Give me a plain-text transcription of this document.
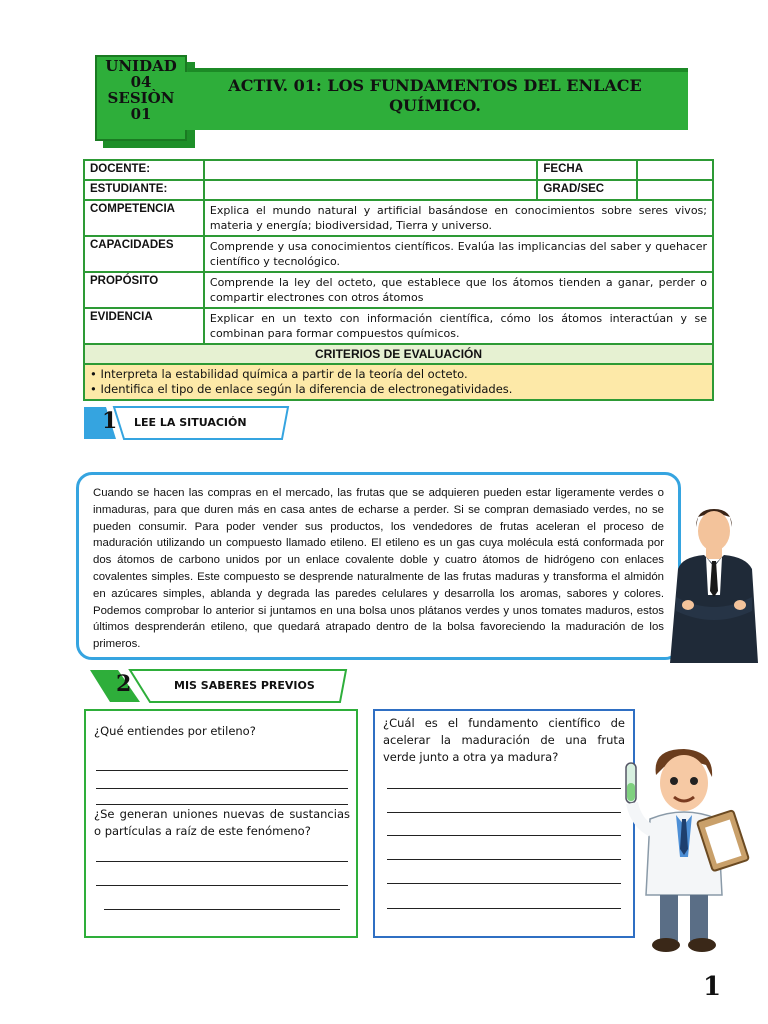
UNIDAD
04
SESIÒN
01
ACTIV. 01: LOS FUNDAMENTOS DEL ENLACE
QUÍMICO.
DOCENTE:		FECHA	
ESTUDIANTE:		GRAD/SEC	
COMPETENCIA	Explica el mundo natural y artificial basándose en conocimientos sobre seres vivos; materia y energía; biodiversidad, Tierra y universo.		
CAPACIDADES	Comprende y usa conocimientos científicos. Evalúa las implicancias del saber y quehacer científico y tecnológico.		
PROPÓSITO	Comprende la ley del octeto, que establece que los átomos tienden a ganar, perder o compartir electrones con otros átomos		
EVIDENCIA	Explicar en un texto con información científica, cómo los átomos interactúan y se combinan para formar compuestos químicos.		
CRITERIOS DE EVALUACIÓN			

• Interpreta la estabilidad química a partir de la teoría del octeto.
• Identifica el tipo de enlace según la diferencia de electronegatividades.			
1 LEE LA SITUACIÓN
Cuando se hacen las compras en el mercado, las frutas que se adquieren pueden estar ligeramente verdes o inmaduras, para que duren más en casa antes de echarse a perder. Si se compran demasiado verdes, no se pueden consumir. Para poder vender sus productos, los vendedores de frutas aceleran el proceso de maduración utilizando un compuesto llamado etileno. El etileno es un gas cuya molécula está conformada por dos átomos de carbono unidos por un enlace covalente doble y cuatro átomos de hidrógeno con enlaces covalentes simples. Este compuesto se desprende naturalmente de las frutas maduras y transforma el almidón en azúcares simples, ablanda y degrada las paredes celulares y desarrolla los aromas, sabores y colores. Podemos comprobar lo anterior si juntamos en una bolsa unos plátanos verdes y unos tomates maduros, estos últimos desprenderán etileno, que quedará atrapado dentro de la bolsa favoreciendo la maduración de los primeros.
2	MIS SABERES PREVIOS
¿Qué entiendes por etileno?
¿Se generan uniones nuevas de sustancias o partículas a raíz de este fenómeno?
¿Cuál es el fundamento científico de acelerar la maduración de una fruta verde junto a otra ya madura?
1
